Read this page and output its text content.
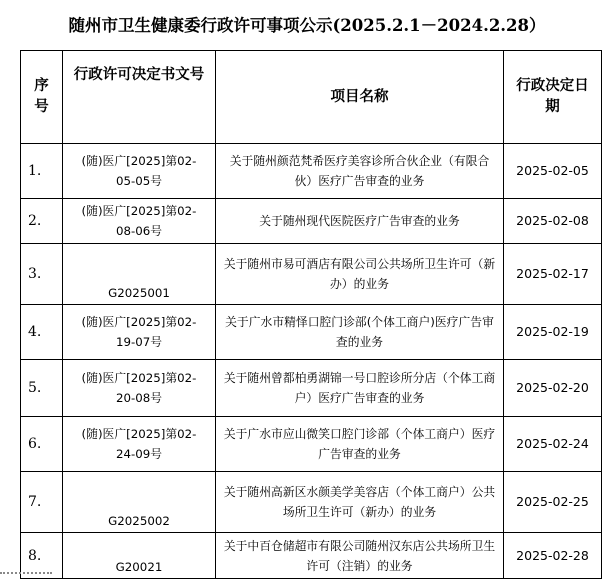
随州市卫生健康委行政许可事项公示(2025.2.1－2024.2.28）
序号	行政许可决定书文号	项目名称	行政决定日期
1.	(随)医广[2025]第02-05-05号	关于随州颜范梵希医疗美容诊所合伙企业（有限合伙）医疗广告审查的业务	2025-02-05
2.	(随)医广[2025]第02-08-06号	关于随州现代医院医疗广告审查的业务	2025-02-08
3.	G2025001	关于随州市易可酒店有限公司公共场所卫生许可（新办）的业务	2025-02-17
4.	(随)医广[2025]第02-19-07号	关于广水市精怿口腔门诊部(个体工商户)医疗广告审查的业务	2025-02-19
5.	(随)医广[2025]第02-20-08号	关于随州曾都柏勇湖锦一号口腔诊所分店（个体工商户）医疗广告审查的业务	2025-02-20
6.	(随)医广[2025]第02-24-09号	关于广水市应山微笑口腔门诊部（个体工商户）医疗广告审查的业务	2025-02-24
7.	G2025002	关于随州高新区水颜美学美容店（个体工商户）公共场所卫生许可（新办）的业务	2025-02-25
8.	G20021	关于中百仓储超市有限公司随州汉东店公共场所卫生许可（注销）的业务	2025-02-28
